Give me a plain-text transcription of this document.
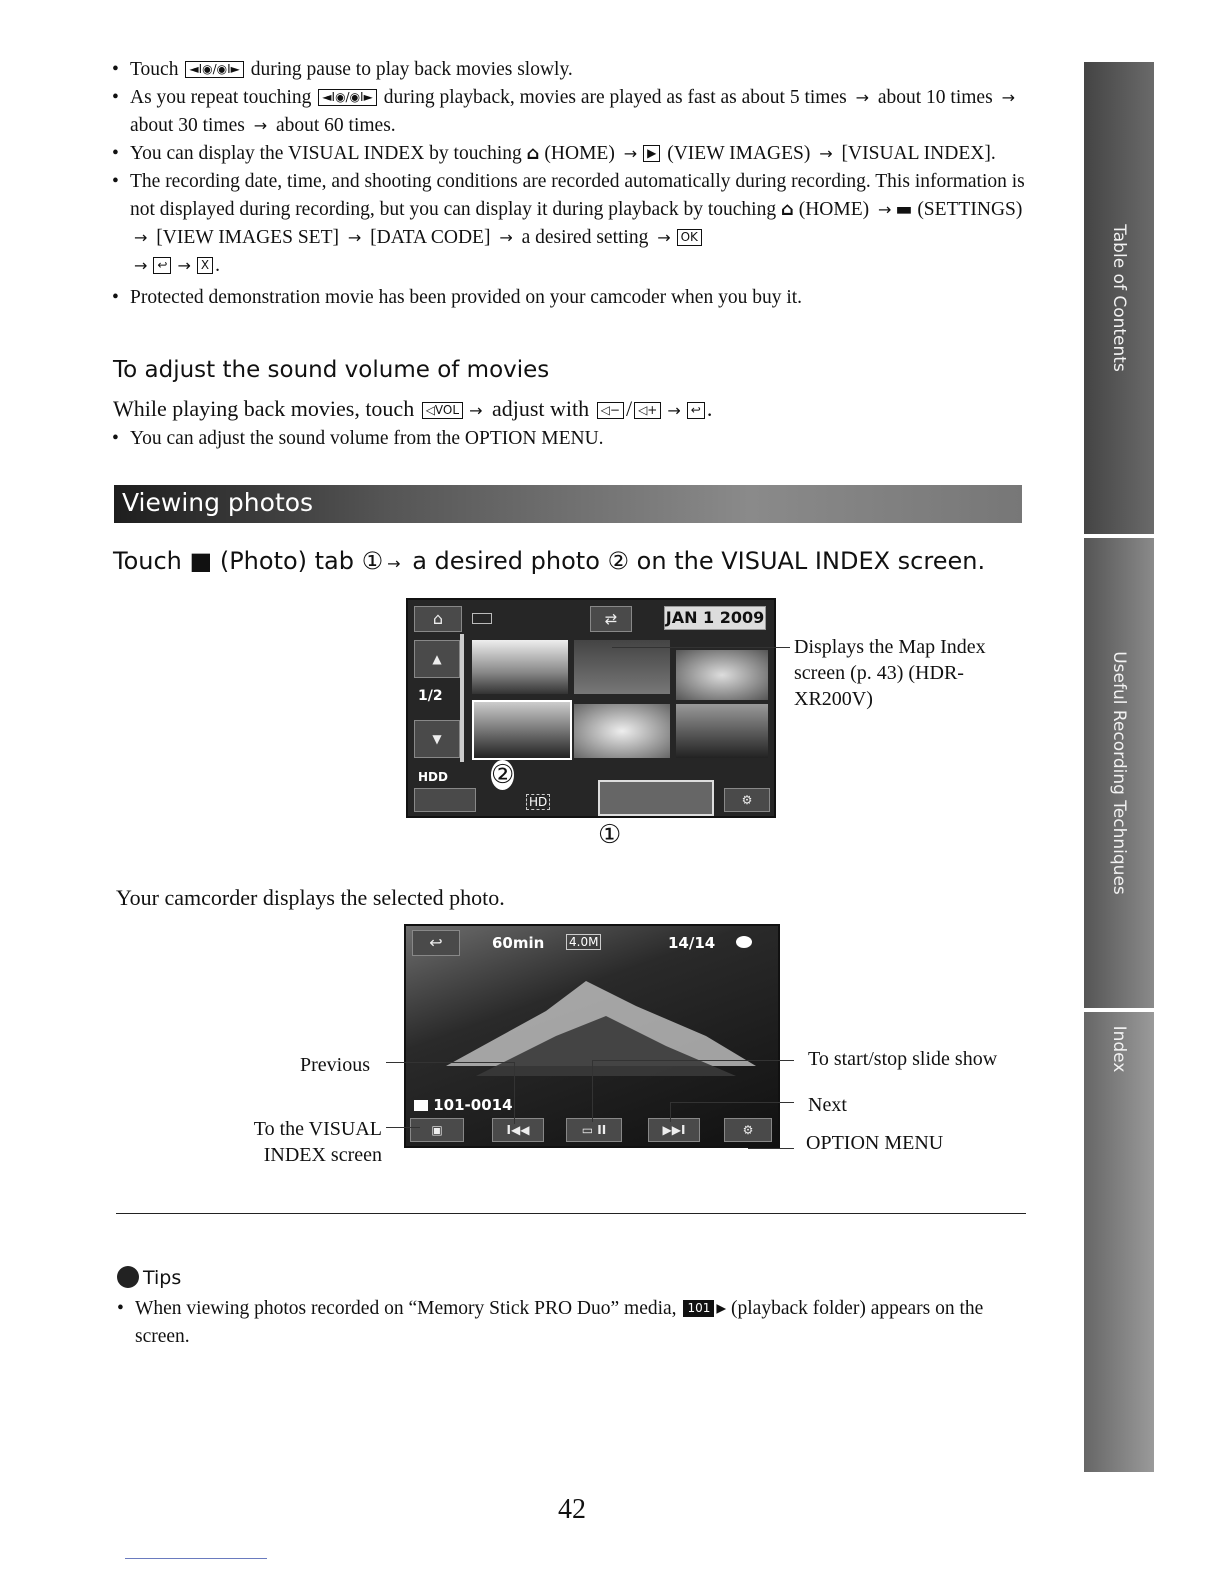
• Touch ◄I◉/◉I► during pause to play back movies slowly.
• As you repeat touching ◄I◉/◉I► during playback, movies are played as fast as about 5 times → about 10 times → about 30 times → about 60 times.
• You can display the VISUAL INDEX by touching ⌂ (HOME) → ▶ (VIEW IMAGES) → [VISUAL INDEX].
• The recording date, time, and shooting conditions are recorded automatically during recording. This information is not displayed during recording, but you can display it during playback by touching ⌂ (HOME) → ▬ (SETTINGS) → [VIEW IMAGES SET] → [DATA CODE] → a desired setting → OK
→ ↩ → X .
• Protected demonstration movie has been provided on your camcoder when you buy it.
To adjust the sound volume of movies
While playing back movies, touch ◁VOL → adjust with ◁− / ◁+ → ↩ .
• You can adjust the sound volume from the OPTION MENU.
Viewing photos
Touch ■ (Photo) tab ① → a desired photo ② on the VISUAL INDEX screen.
⌂	⇄	JAN 1 2009
▲
1/2
▼
HDD
HD	⚙
②
①
Displays the Map Index screen (p. 43) (HDR-XR200V)
Your camcorder displays the selected photo.
↩	60min 4.0M	14/14
101-0014
▣	I◀◀	▭ II	▶▶I	⚙
Previous
To the VISUAL INDEX screen
To start/stop slide show
Next
OPTION MENU
Tips
• When viewing photos recorded on “Memory Stick PRO Duo” media, 101 ▸ (playback folder) appears on the screen.
42
Table of Contents
Useful Recording Techniques
Index
